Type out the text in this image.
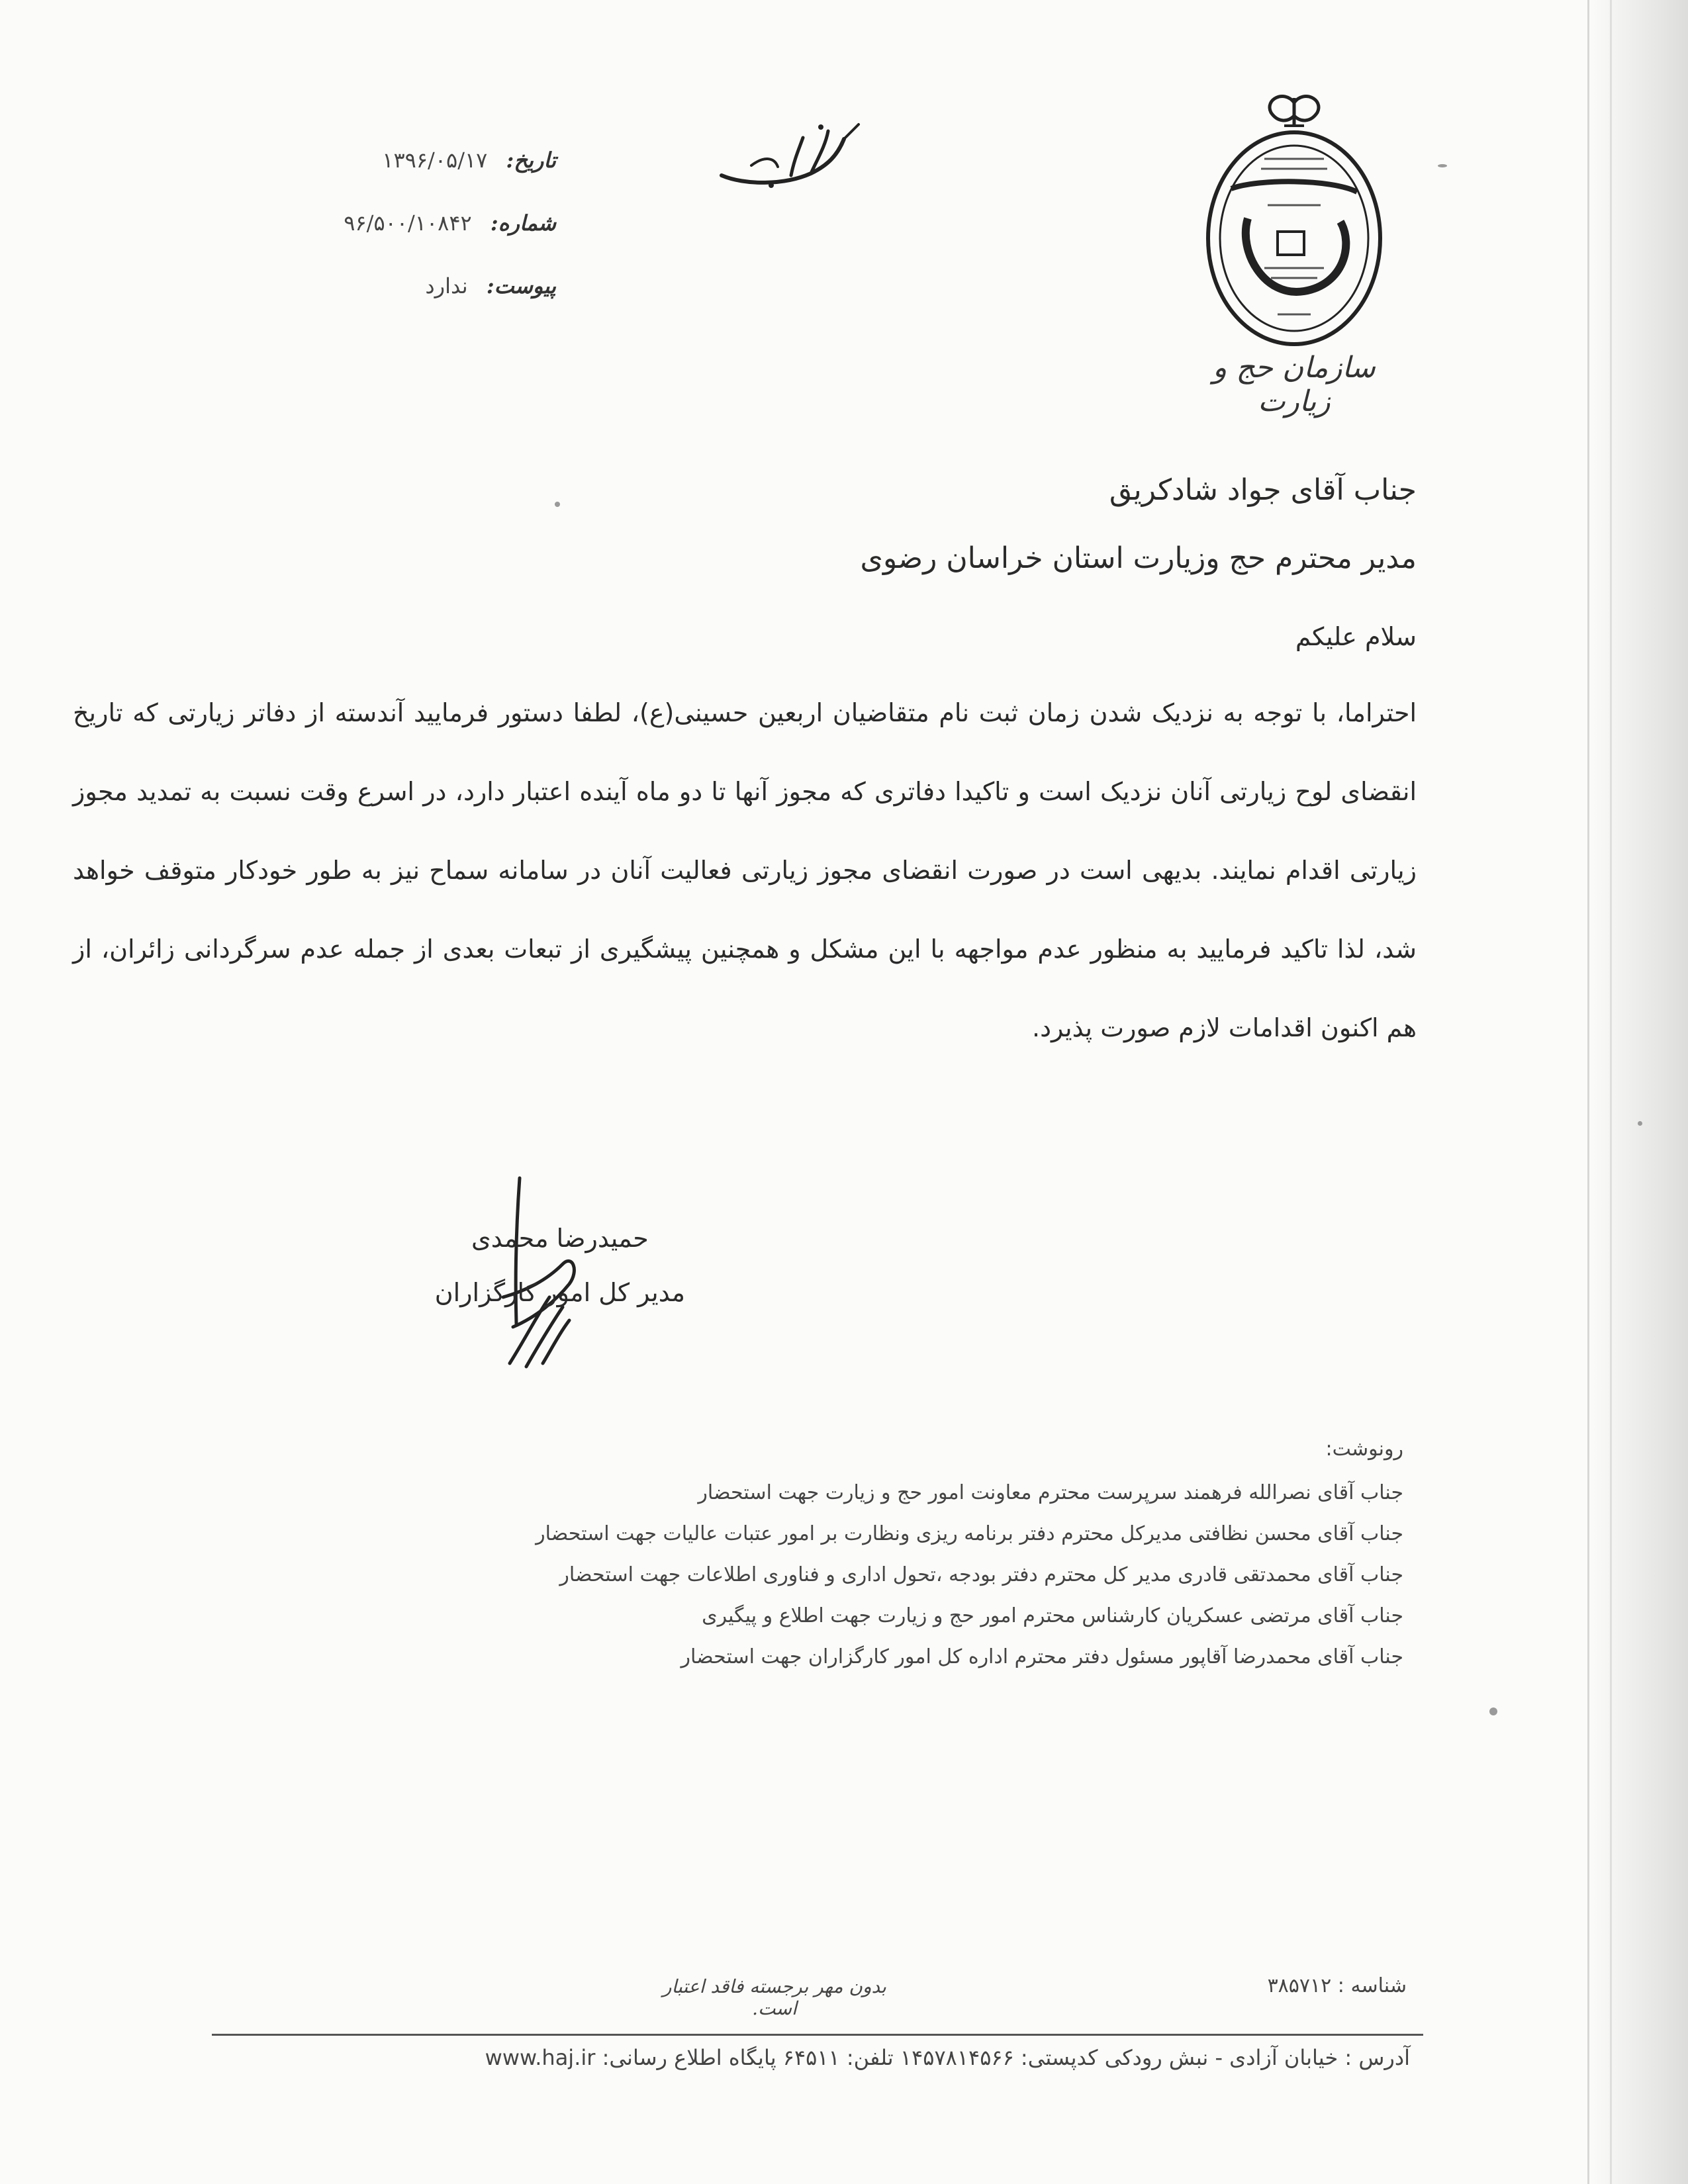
تاریخ: ۱۳۹۶/۰۵/۱۷
شماره: ۹۶/۵۰۰/۱۰۸۴۲
پیوست: ندارد
سازمان حج و زیارت
جناب آقای جواد شادکریق
مدیر محترم حج وزیارت استان خراسان رضوی
سلام علیکم
احتراما، با توجه به نزدیک شدن زمان ثبت نام متقاضیان اربعین حسینی(ع)، لطفا دستور فرمایید آندسته از دفاتر زیارتی که تاریخ انقضای لوح زیارتی آنان نزدیک است و تاکیدا دفاتری که مجوز آنها تا دو ماه آینده اعتبار دارد، در اسرع وقت نسبت به تمدید مجوز زیارتی اقدام نمایند. بدیهی است در صورت انقضای مجوز زیارتی فعالیت آنان در سامانه سماح نیز به طور خودکار متوقف خواهد شد، لذا تاکید فرمایید به منظور عدم مواجهه با این مشکل و همچنین پیشگیری از تبعات بعدی از جمله عدم سرگردانی زائران، از هم اکنون اقدامات لازم صورت پذیرد.
حمیدرضا محمدی
مدیر کل امور کارگزاران
رونوشت:
جناب آقای نصرالله فرهمند سرپرست محترم معاونت امور حج و زیارت جهت استحضار
جناب آقای محسن نظافتی مدیرکل محترم دفتر برنامه ریزی ونظارت بر امور عتبات عالیات جهت استحضار
جناب آقای محمدتقی قادری مدیر کل محترم دفتر بودجه ،تحول اداری و فناوری اطلاعات جهت استحضار
جناب آقای مرتضی عسکریان کارشناس محترم امور حج و زیارت جهت اطلاع و پیگیری
جناب آقای محمدرضا آقاپور مسئول دفتر محترم اداره کل امور کارگزاران جهت استحضار
بدون مهر برجسته فاقد اعتبار است.
شناسه : ۳۸۵۷۱۲
آدرس : خیابان آزادی - نبش رودکی کدپستی: ۱۴۵۷۸۱۴۵۶۶ تلفن: ۶۴۵۱۱ پایگاه اطلاع رسانی: www.haj.ir
